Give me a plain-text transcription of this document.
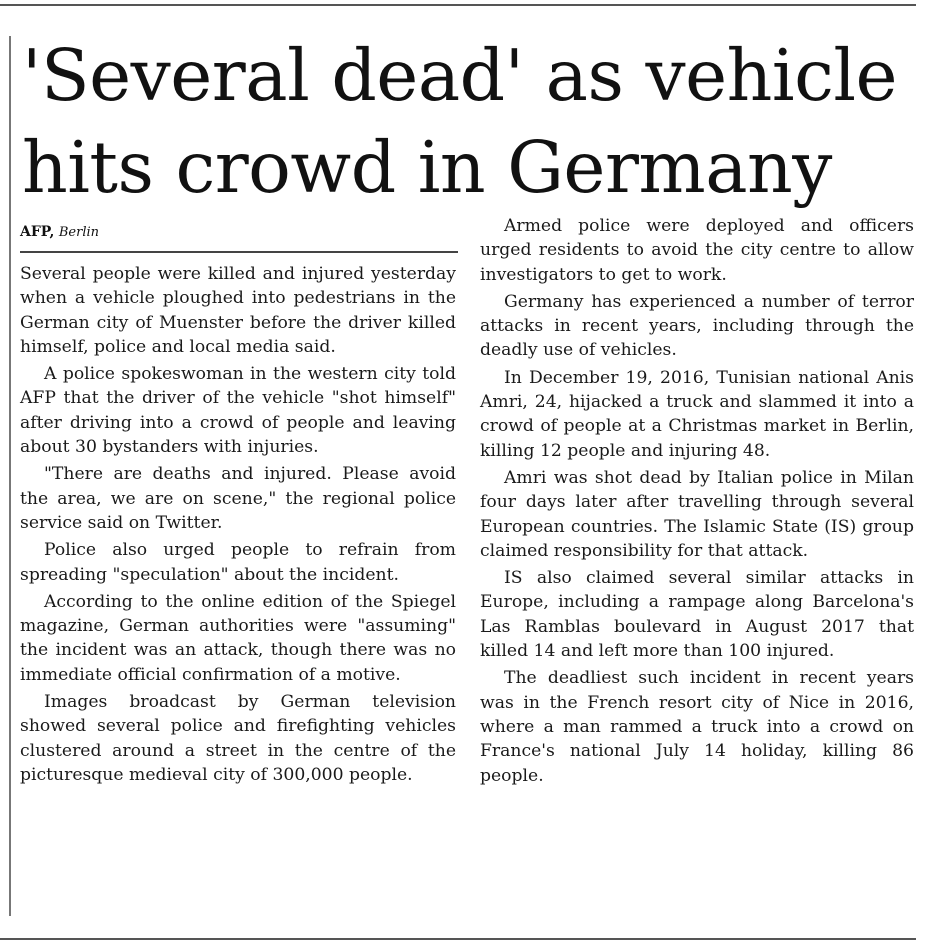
'Several dead' as vehicle hits crowd in Germany
AFP, Berlin

Several people were killed and injured yesterday when a vehicle ploughed into pedestrians in the German city of Muenster before the driver killed himself, police and local media said.

A police spokeswoman in the western city told AFP that the driver of the vehicle "shot himself" after driving into a crowd of people and leaving about 30 bystanders with injuries.

"There are deaths and injured. Please avoid the area, we are on scene," the regional police service said on Twitter.

Police also urged people to refrain from spreading "speculation" about the incident.

According to the online edition of the Spiegel magazine, German authorities were "assuming" the incident was an attack, though there was no immediate official confirmation of a motive.

Images broadcast by German television showed several police and firefighting vehicles clustered around a street in the centre of the picturesque medieval city of 300,000 people.

Armed police were deployed and officers urged residents to avoid the city centre to allow investigators to get to work.

Germany has experienced a number of terror attacks in recent years, including through the deadly use of vehicles.

In December 19, 2016, Tunisian national Anis Amri, 24, hijacked a truck and slammed it into a crowd of people at a Christmas market in Berlin, killing 12 people and injuring 48.

Amri was shot dead by Italian police in Milan four days later after travelling through several European countries. The Islamic State (IS) group claimed responsibility for that attack.

IS also claimed several similar attacks in Europe, including a rampage along Barcelona's Las Ramblas boulevard in August 2017 that killed 14 and left more than 100 injured.

The deadliest such incident in recent years was in the French resort city of Nice in 2016, where a man rammed a truck into a crowd on France's national July 14 holiday, killing 86 people.
